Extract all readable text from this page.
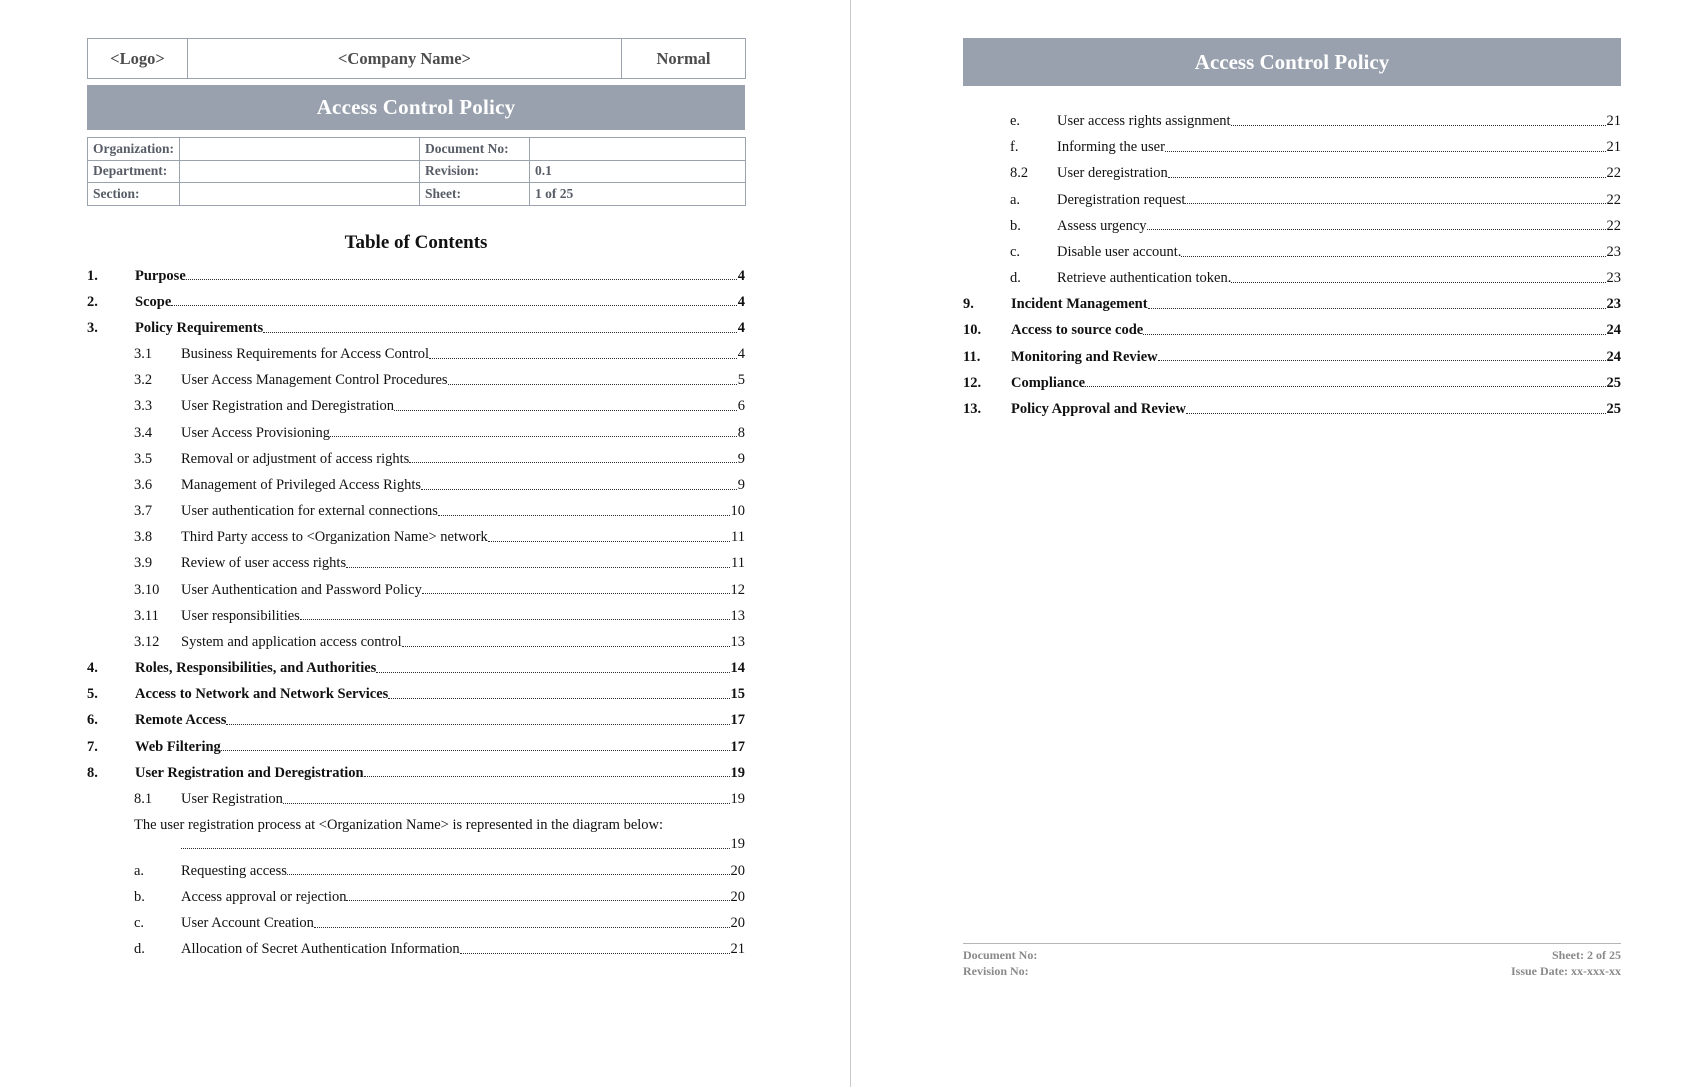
<Logo>	<Company Name>	Normal
Access Control Policy
Organization:		Document No:	
Department:		Revision:	0.1
Section:		Sheet:	1 of 25
Table of Contents
1.	Purpose	4
2.	Scope	4
3.	Policy Requirements	4
3.1	Business Requirements for Access Control	4
3.2	User Access Management Control Procedures	5
3.3	User Registration and Deregistration	6
3.4	User Access Provisioning	8
3.5	Removal or adjustment of access rights	9
3.6	Management of Privileged Access Rights	9
3.7	User authentication for external connections	10
3.8	Third Party access to <Organization Name> network	11
3.9	Review of user access rights	11
3.10	User Authentication and Password Policy	12
3.11	User responsibilities	13
3.12	System and application access control	13
4.	Roles, Responsibilities, and Authorities	14
5.	Access to Network and Network Services	15
6.	Remote Access	17
7.	Web Filtering	17
8.	User Registration and Deregistration	19
8.1	User Registration	19
The user registration process at <Organization Name> is represented in the diagram below:
19
a.	Requesting access	20
b.	Access approval or rejection	20
c.	User Account Creation	20
d.	Allocation of Secret Authentication Information	21
Access Control Policy
e.	User access rights assignment	21
f.	Informing the user	21
8.2	User deregistration	22
a.	Deregistration request	22
b.	Assess urgency	22
c.	Disable user account.	23
d.	Retrieve authentication token.	23
9.	Incident Management	23
10.	Access to source code	24
11.	Monitoring and Review	24
12.	Compliance	25
13.	Policy Approval and Review	25
Document No:
Revision No:
Sheet: 2 of 25
Issue Date: xx-xxx-xx
